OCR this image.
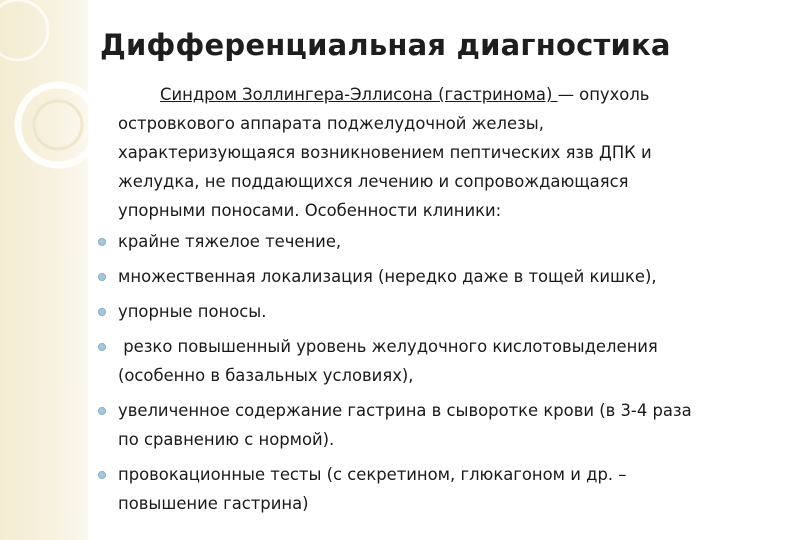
Дифференциальная диагностика
Синдром Золлингера-Эллисона (гастринома) — опухоль
островкового аппарата поджелудочной железы,
характеризующаяся возникновением пептических язв ДПК и
желудка, не поддающихся лечению и сопровождающаяся
упорными поносами. Особенности клиники:
крайне тяжелое течение,
множественная локализация (нередко даже в тощей кишке),
упорные поносы.
резко повышенный уровень желудочного кислотовыделения
(особенно в базальных условиях),
увеличенное содержание гастрина в сыворотке крови (в 3-4 раза
по сравнению с нормой).
провокационные тесты (с секретином, глюкагоном и др. –
повышение гастрина)
